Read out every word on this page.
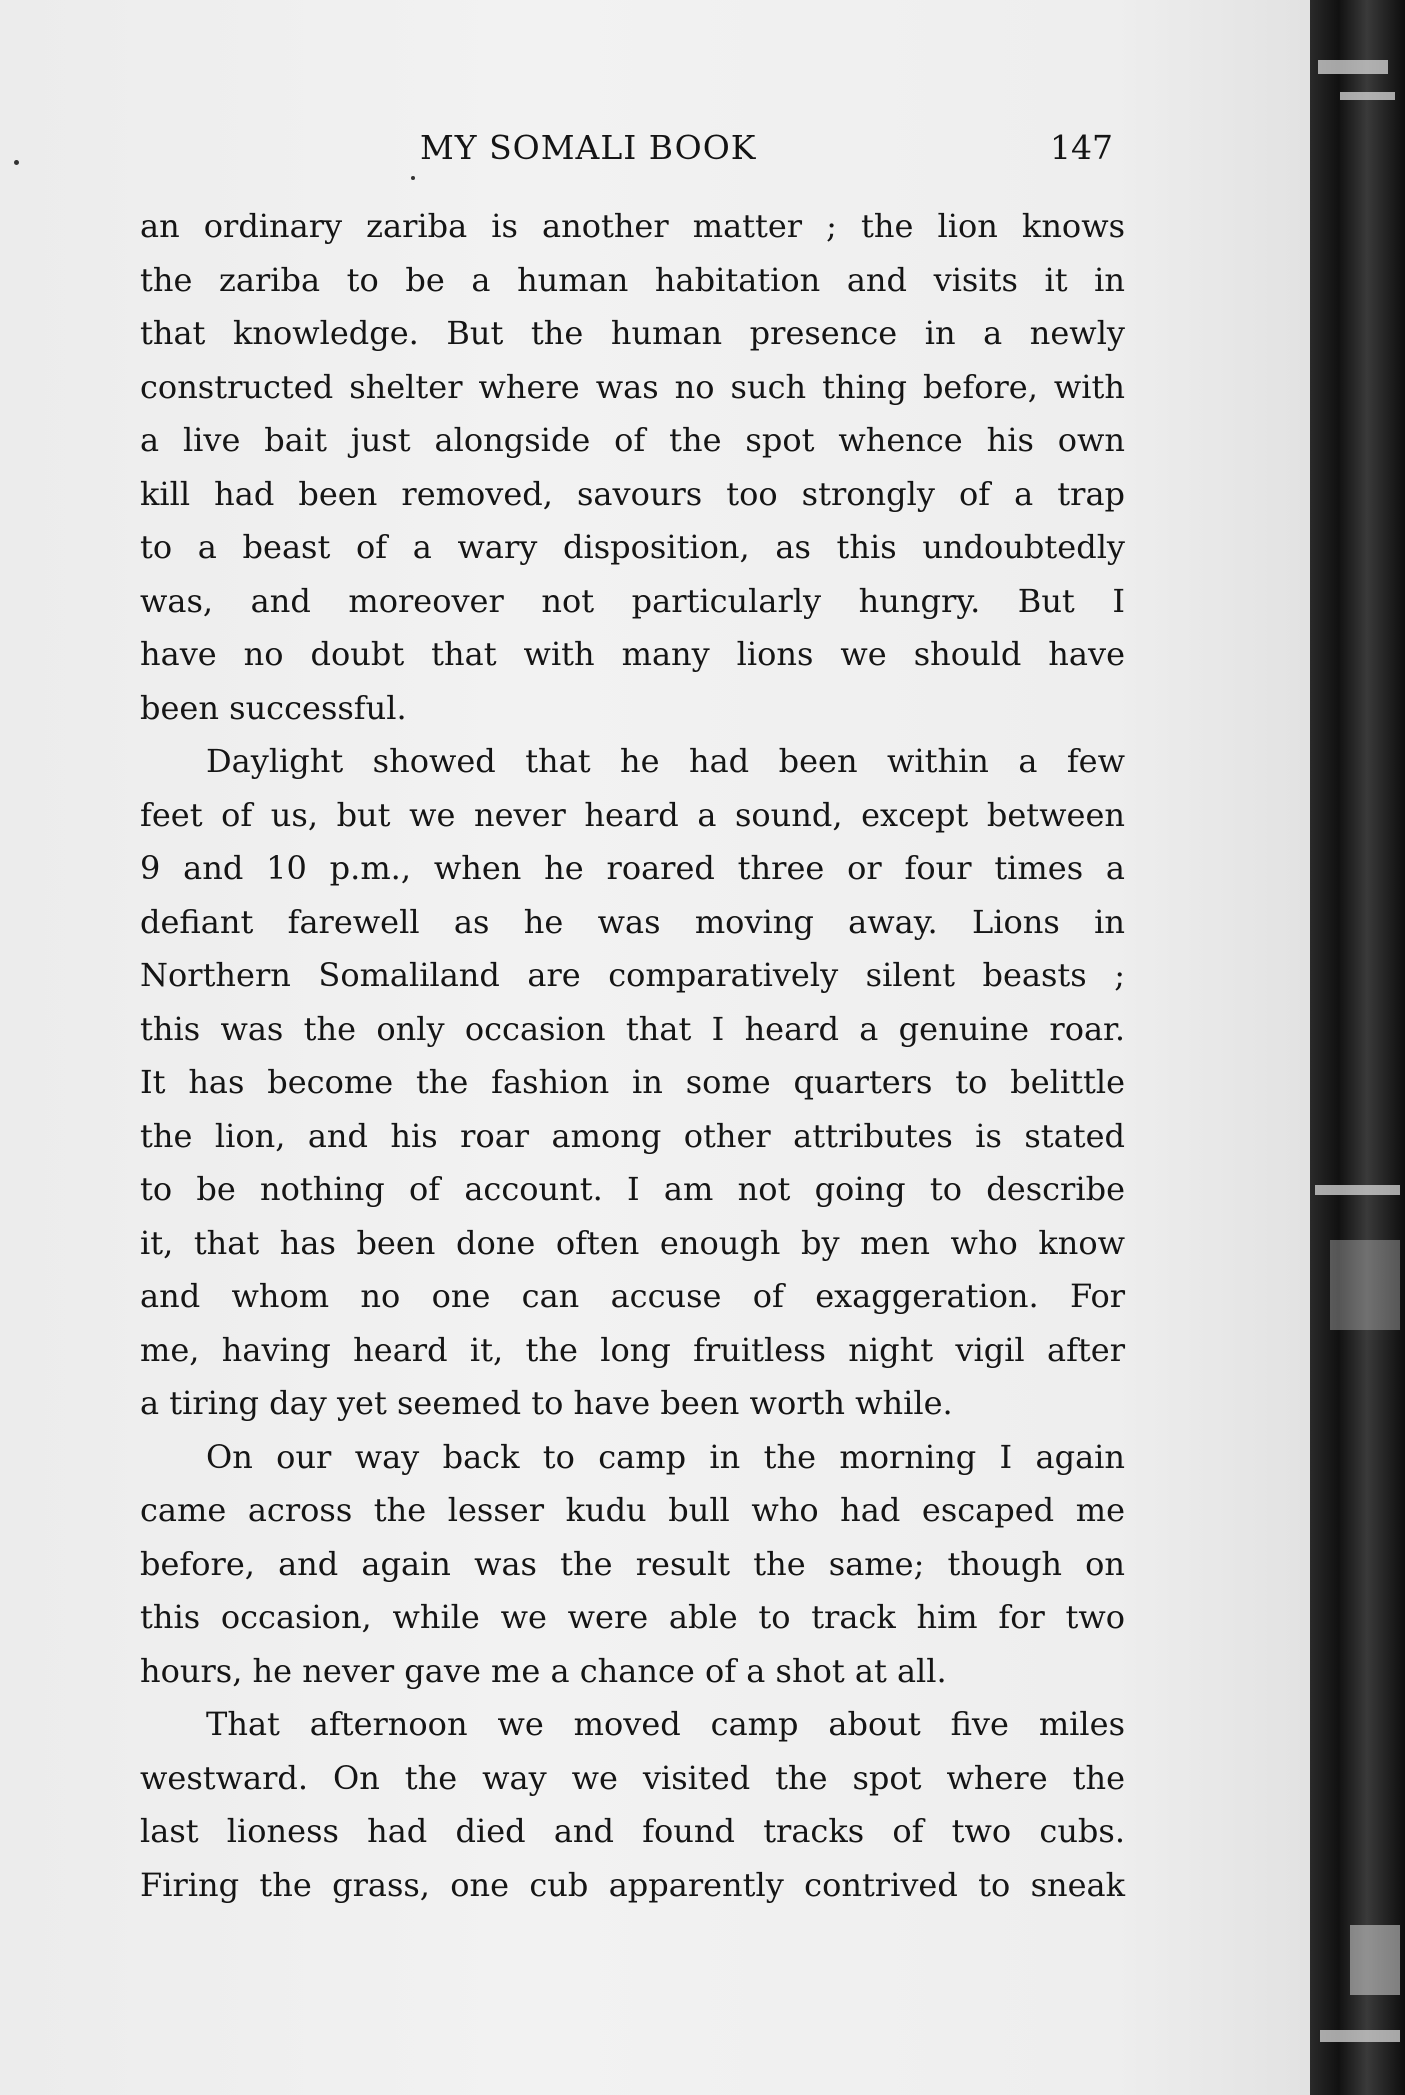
MY SOMALI BOOK	147
an ordinary zariba is another matter ; the lion knows
the zariba to be a human habitation and visits it in
that knowledge. But the human presence in a newly
constructed shelter where was no such thing before, with
a live bait just alongside of the spot whence his own
kill had been removed, savours too strongly of a trap
to a beast of a wary disposition, as this undoubtedly
was, and moreover not particularly hungry. But I
have no doubt that with many lions we should have
been successful.
Daylight showed that he had been within a few
feet of us, but we never heard a sound, except between
9 and 10 p.m., when he roared three or four times a
defiant farewell as he was moving away. Lions in
Northern Somaliland are comparatively silent beasts ;
this was the only occasion that I heard a genuine roar.
It has become the fashion in some quarters to belittle
the lion, and his roar among other attributes is stated
to be nothing of account. I am not going to describe
it, that has been done often enough by men who know
and whom no one can accuse of exaggeration. For
me, having heard it, the long fruitless night vigil after
a tiring day yet seemed to have been worth while.
On our way back to camp in the morning I again
came across the lesser kudu bull who had escaped me
before, and again was the result the same; though on
this occasion, while we were able to track him for two
hours, he never gave me a chance of a shot at all.
That afternoon we moved camp about five miles
westward. On the way we visited the spot where the
last lioness had died and found tracks of two cubs.
Firing the grass, one cub apparently contrived to sneak
